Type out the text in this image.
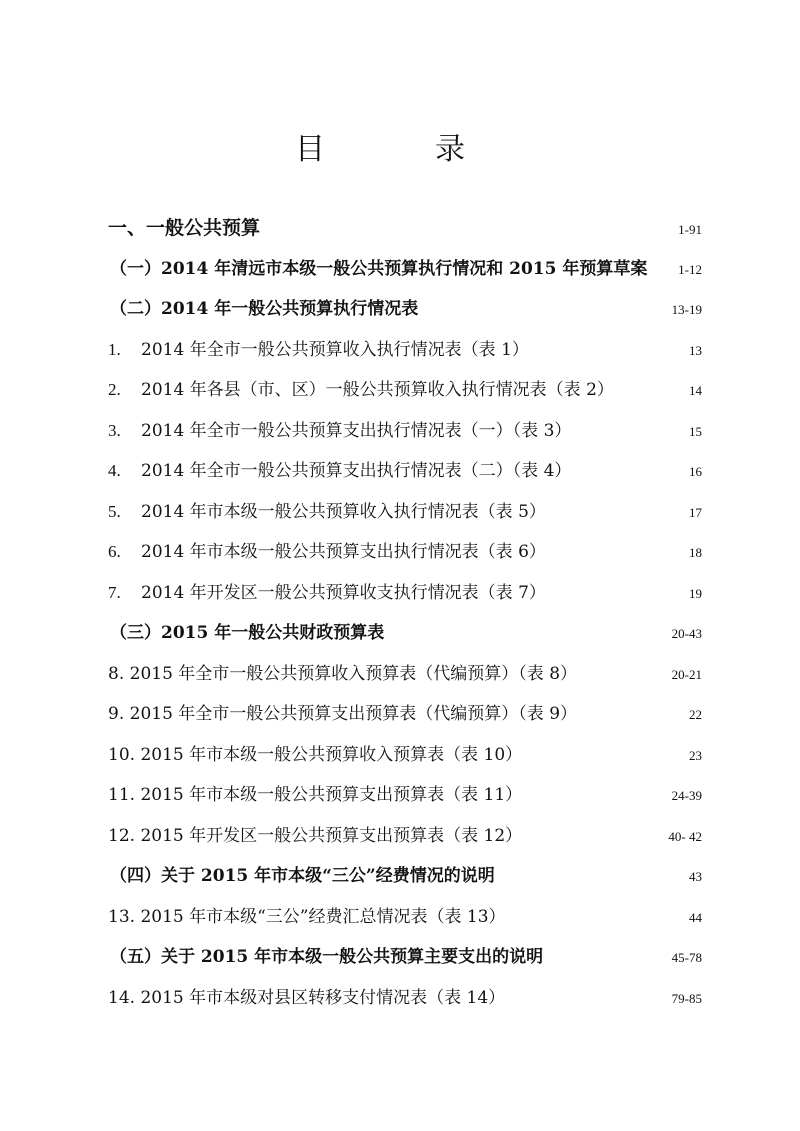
目　录
一、一般公共预算	1-91
（一）2014 年清远市本级一般公共预算执行情况和 2015 年预算草案	1-12
（二）2014 年一般公共预算执行情况表	13-19
1. 2014 年全市一般公共预算收入执行情况表（表 1）	13
2. 2014 年各县（市、区）一般公共预算收入执行情况表（表 2）	14
3. 2014 年全市一般公共预算支出执行情况表（一）（表 3）	15
4. 2014 年全市一般公共预算支出执行情况表（二）（表 4）	16
5. 2014 年市本级一般公共预算收入执行情况表（表 5）	17
6. 2014 年市本级一般公共预算支出执行情况表（表 6）	18
7. 2014 年开发区一般公共预算收支执行情况表（表 7）	19
（三）2015 年一般公共财政预算表	20-43
8. 2015 年全市一般公共预算收入预算表（代编预算）（表 8）	20-21
9. 2015 年全市一般公共预算支出预算表（代编预算）（表 9）	22
10. 2015 年市本级一般公共预算收入预算表（表 10）	23
11. 2015 年市本级一般公共预算支出预算表（表 11）	24-39
12. 2015 年开发区一般公共预算支出预算表（表 12）	40- 42
（四）关于 2015 年市本级“三公”经费情况的说明	43
13. 2015 年市本级“三公”经费汇总情况表（表 13）	44
（五）关于 2015 年市本级一般公共预算主要支出的说明	45-78
14. 2015 年市本级对县区转移支付情况表（表 14）	79-85
